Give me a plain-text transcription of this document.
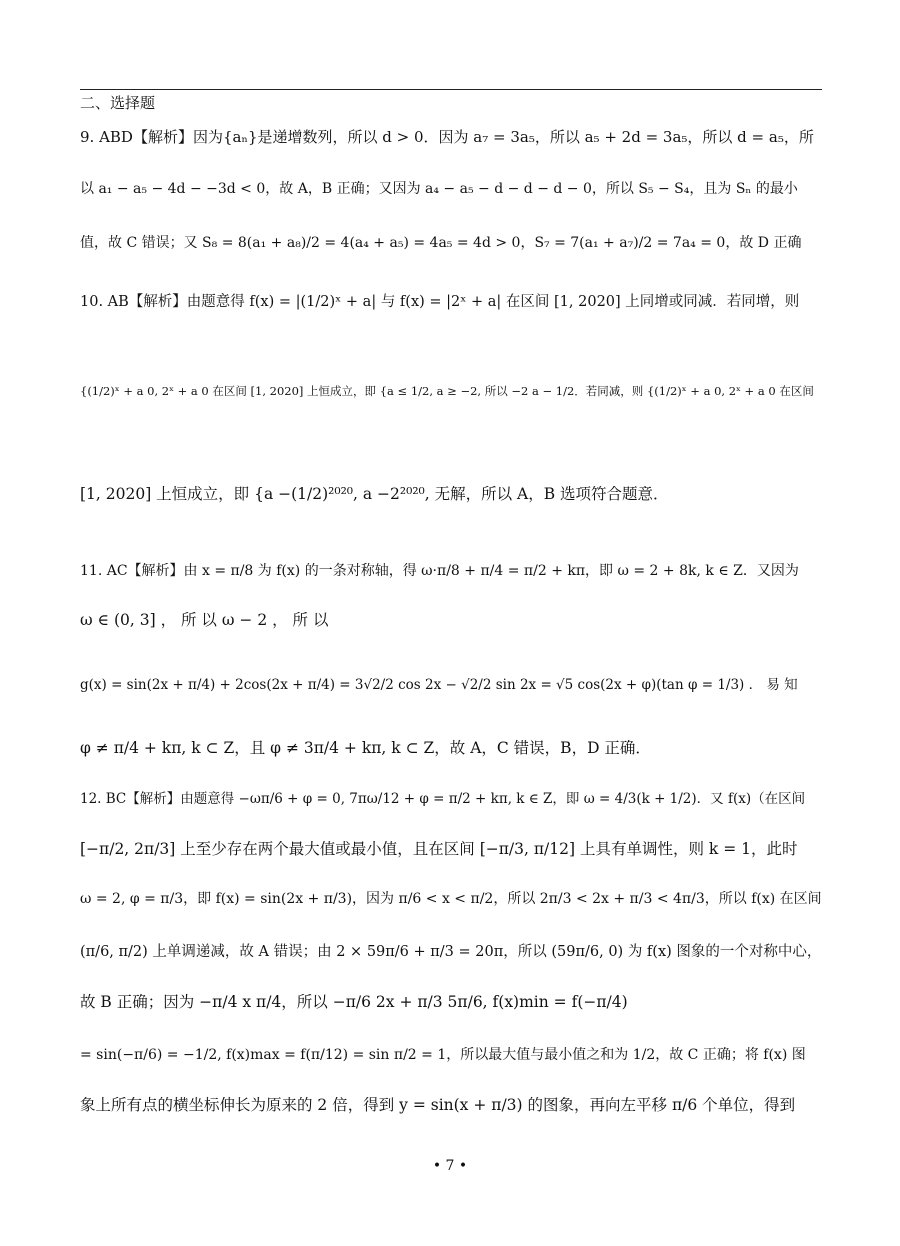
二、选择题
9. ABD【解析】因为{aₙ}是递增数列，所以 d > 0．因为 a₇ = 3a₅，所以 a₅ + 2d = 3a₅，所以 d = a₅，所
以 a₁ − a₅ − 4d − −3d < 0，故 A，B 正确；又因为 a₄ − a₅ − d − d − d − 0，所以 S₅ − S₄，且为 Sₙ 的最小
值，故 C 错误；又 S₈ = 8(a₁ + a₈)/2 = 4(a₄ + a₅) = 4a₅ = 4d > 0，S₇ = 7(a₁ + a₇)/2 = 7a₄ = 0，故 D 正确
10. AB【解析】由题意得 f(x) = |(1/2)ˣ + a| 与 f(x) = |2ˣ + a| 在区间 [1, 2020] 上同增或同减．若同增，则
{(1/2)ˣ + a 0, 2ˣ + a 0 在区间 [1, 2020] 上恒成立，即 {a ≤ 1/2, a ≥ −2, 所以 −2 a − 1/2．若同减，则 {(1/2)ˣ + a 0, 2ˣ + a 0 在区间
[1, 2020] 上恒成立，即 {a −(1/2)²⁰²⁰, a −2²⁰²⁰, 无解，所以 A，B 选项符合题意．
11. AC【解析】由 x = π/8 为 f(x) 的一条对称轴，得 ω·π/8 + π/4 = π/2 + kπ，即 ω = 2 + 8k, k ∈ Z．又因为
ω ∈ (0, 3] ， 所 以 ω − 2 ， 所 以
g(x) = sin(2x + π/4) + 2cos(2x + π/4) = 3√2/2 cos 2x − √2/2 sin 2x = √5 cos(2x + φ)(tan φ = 1/3) ． 易 知
φ ≠ π/4 + kπ, k ⊂ Z，且 φ ≠ 3π/4 + kπ, k ⊂ Z，故 A，C 错误，B，D 正确．
12. BC【解析】由题意得 −ωπ/6 + φ = 0, 7πω/12 + φ = π/2 + kπ, k ∈ Z，即 ω = 4/3(k + 1/2)．又 f(x)（在区间
[−π/2, 2π/3] 上至少存在两个最大值或最小值，且在区间 [−π/3, π/12] 上具有单调性，则 k = 1，此时
ω = 2, φ = π/3，即 f(x) = sin(2x + π/3)，因为 π/6 < x < π/2，所以 2π/3 < 2x + π/3 < 4π/3，所以 f(x) 在区间
(π/6, π/2) 上单调递减，故 A 错误；由 2 × 59π/6 + π/3 = 20π，所以 (59π/6, 0) 为 f(x) 图象的一个对称中心，
故 B 正确；因为 −π/4 x π/4，所以 −π/6 2x + π/3 5π/6, f(x)min = f(−π/4)
= sin(−π/6) = −1/2, f(x)max = f(π/12) = sin π/2 = 1，所以最大值与最小值之和为 1/2，故 C 正确；将 f(x) 图
象上所有点的横坐标伸长为原来的 2 倍，得到 y = sin(x + π/3) 的图象，再向左平移 π/6 个单位，得到
• 7 •
